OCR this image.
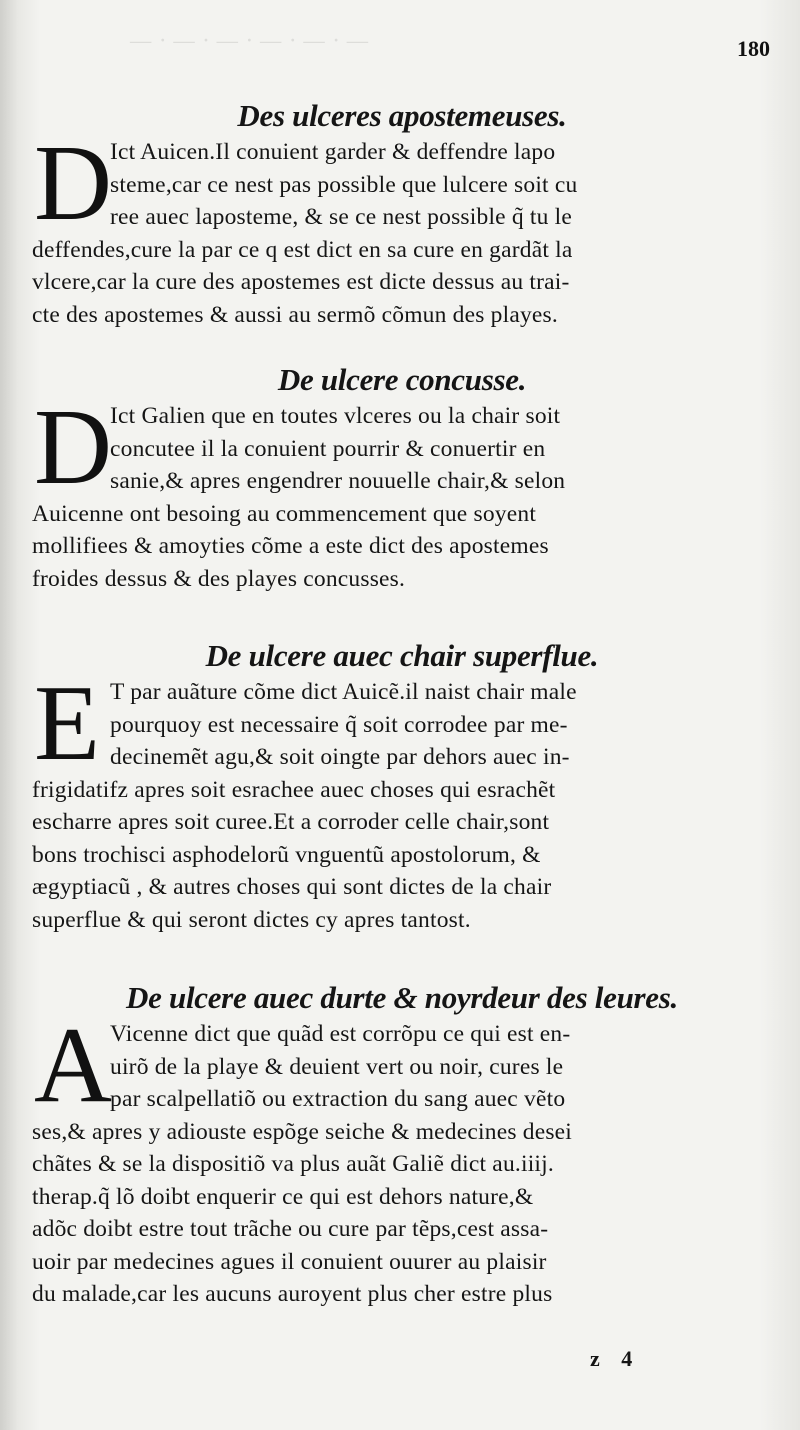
— · — · — · — · — · —	180
Des ulceres apostemeuses.
D
Ict Auicen.Il conuient garder & deffendre lapo
steme,car ce nest pas possible que lulcere soit cu
ree auec laposteme, & se ce nest possible q̃ tu le
deffendes,cure la par ce q est dict en sa cure en gardãt la
vlcere,car la cure des apostemes est dicte dessus au trai-
cte des apostemes & aussi au sermõ cõmun des playes.
De ulcere concusse.
D
Ict Galien que en toutes vlceres ou la chair soit
concutee il la conuient pourrir & conuertir en
sanie,& apres engendrer nouuelle chair,& selon
Auicenne ont besoing au commencement que soyent
mollifiees & amoyties cõme a este dict des apostemes
froides dessus & des playes concusses.
De ulcere auec chair superflue.
E T par auãture cõme dict Auicẽ.il naist chair male
pourquoy est necessaire q̃ soit corrodee par me-
decinemẽt agu,& soit oingte par dehors auec in-
frigidatifz apres soit esrachee auec choses qui esrachẽt
escharre apres soit curee.Et a corroder celle chair,sont
bons trochisci asphodelorũ vnguentũ apostolorum, &
ægyptiacũ , & autres choses qui sont dictes de la chair
superflue & qui seront dictes cy apres tantost.
De ulcere auec durte & noyrdeur des leures.
A
Vicenne dict que quãd est corrõpu ce qui est en-
uirõ de la playe & deuient vert ou noir, cures le
par scalpellatiõ ou extraction du sang auec vẽto
ses,& apres y adiouste espõge seiche & medecines desei
chãtes & se la dispositiõ va plus auãt Galiẽ dict au.iiij.
therap.q̃ lõ doibt enquerir ce qui est dehors nature,&
adõc doibt estre tout trãche ou cure par tẽps,cest assa-
uoir par medecines agues il conuient ouurer au plaisir
du malade,car les aucuns auroyent plus cher estre plus
z 4
